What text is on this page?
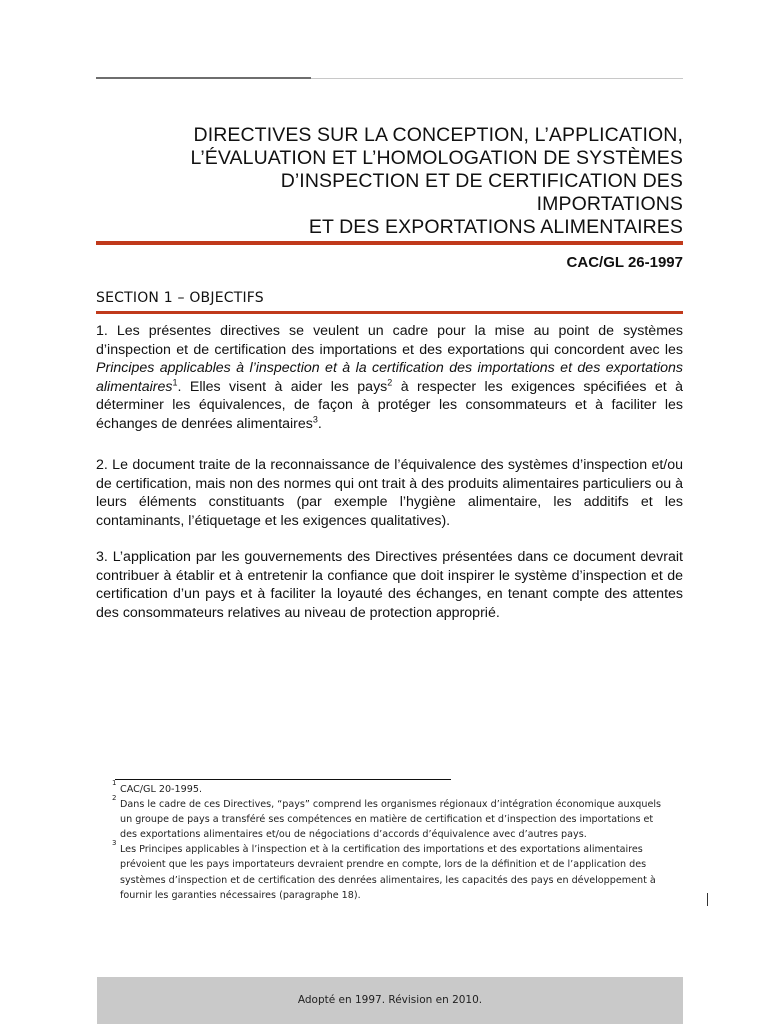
DIRECTIVES SUR LA CONCEPTION, L’APPLICATION,
L’ÉVALUATION ET L’HOMOLOGATION DE SYSTÈMES
D’INSPECTION ET DE CERTIFICATION DES
IMPORTATIONS
ET DES EXPORTATIONS ALIMENTAIRES
CAC/GL 26-1997
SECTION 1 – OBJECTIFS

1. Les présentes directives se veulent un cadre pour la mise au point de systèmes d’inspection et de certification des importations et des exportations qui concordent avec les Principes applicables à l’inspection et à la certification des importations et des exportations alimentaires$^1$. Elles visent à aider les pays$^2$ à respecter les exigences spécifiées et à déterminer les équivalences, de façon à protéger les consommateurs et à faciliter les échanges de denrées alimentaires$^3$.

2. Le document traite de la reconnaissance de l’équivalence des systèmes d’inspection et/ou de certification, mais non des normes qui ont trait à des produits alimentaires particuliers ou à leurs éléments constituants (par exemple l’hygiène alimentaire, les additifs et les contaminants, l’étiquetage et les exigences qualitatives).

3. L’application par les gouvernements des Directives présentées dans ce document devrait contribuer à établir et à entretenir la confiance que doit inspirer le système d’inspection et de certification d’un pays et à faciliter la loyauté des échanges, en tenant compte des attentes des consommateurs relatives au niveau de protection approprié.

1
CAC/GL 20-1995.
2
Dans le cadre de ces Directives, “pays” comprend les organismes régionaux d’intégration économique auxquels un groupe de pays a transféré ses compétences en matière de certification et d’inspection des importations et des exportations alimentaires et/ou de négociations d’accords d’équivalence avec d’autres pays.
3
Les Principes applicables à l’inspection et à la certification des importations et des exportations alimentaires prévoient que les pays importateurs devraient prendre en compte, lors de la définition et de l’application des systèmes d’inspection et de certification des denrées alimentaires, les capacités des pays en développement à fournir les garanties nécessaires (paragraphe 18).
Adopté en 1997. Révision en 2010.
